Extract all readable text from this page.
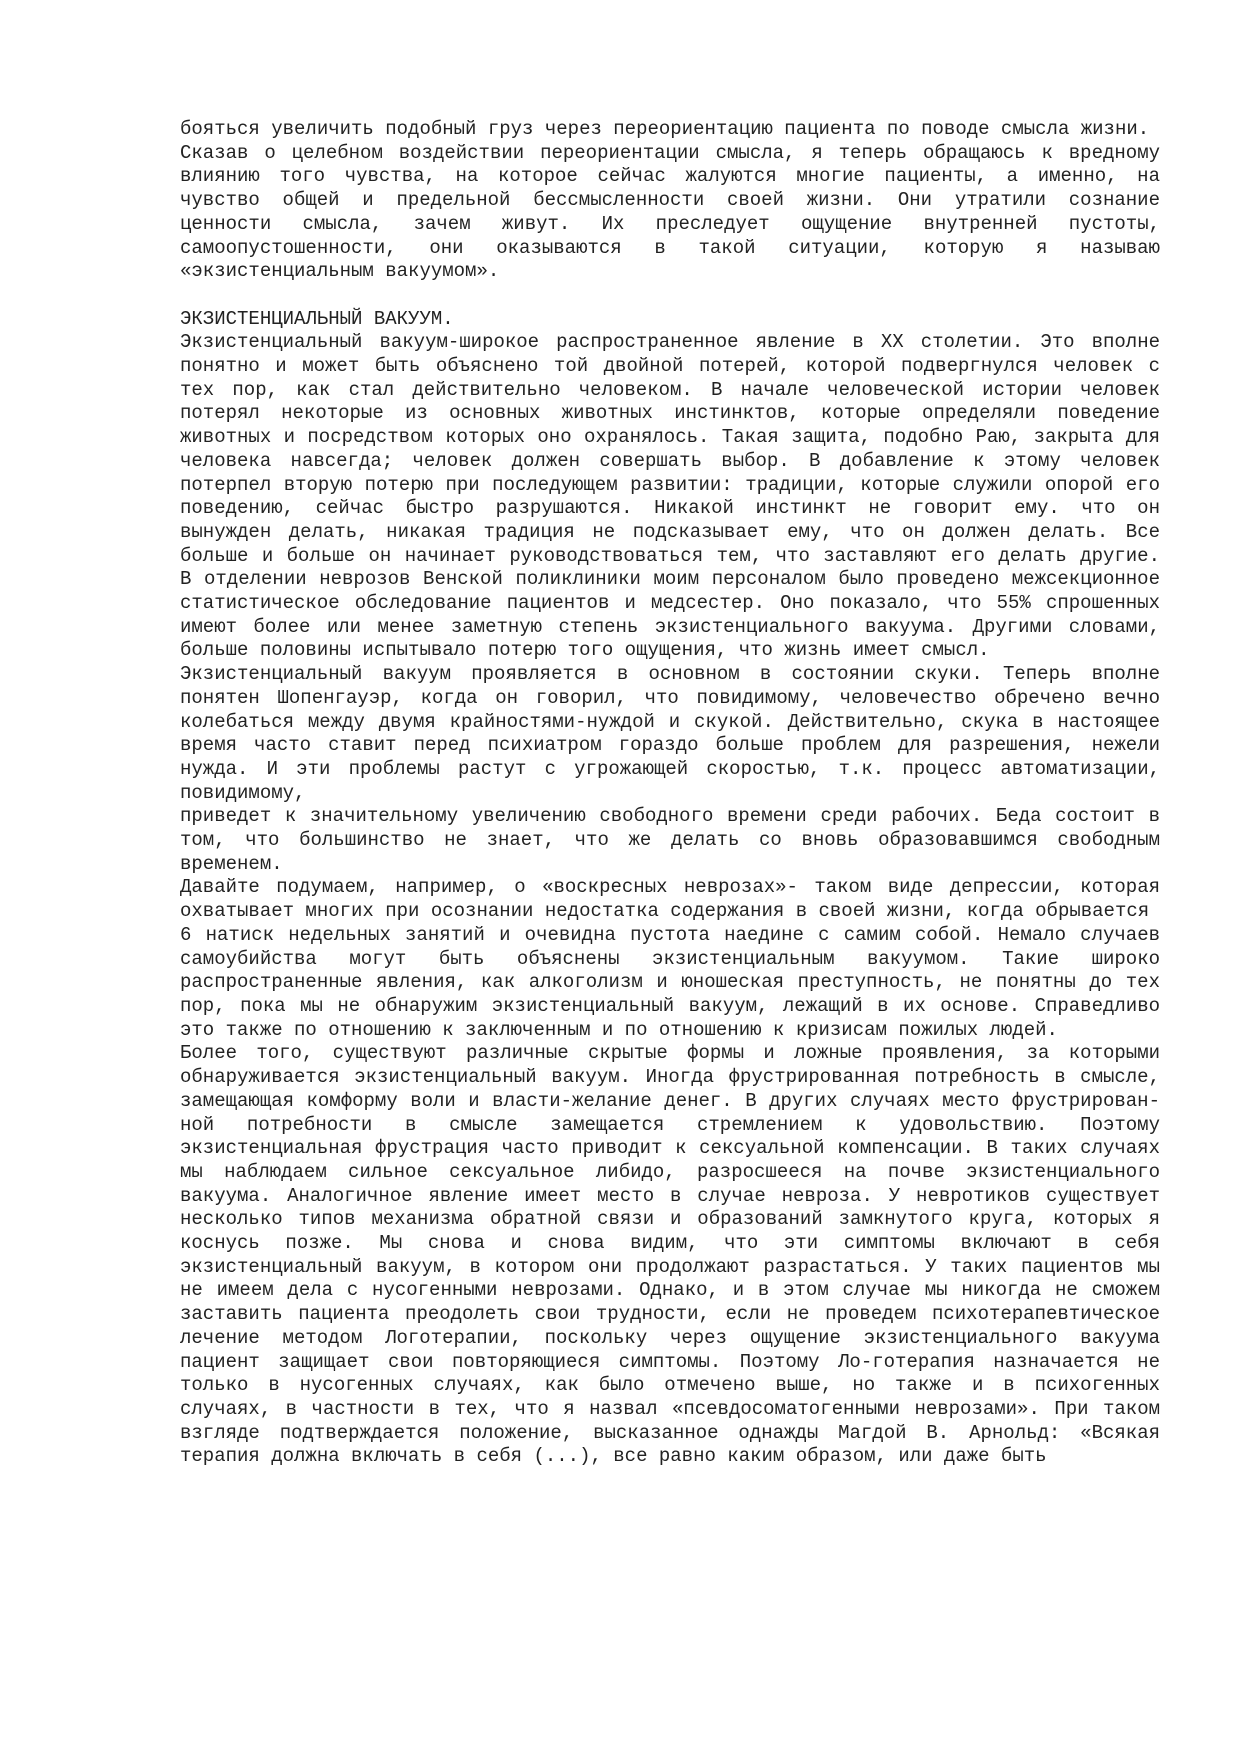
бояться увеличить подобный груз через переориентацию пациента по поводе смысла жизни.

Сказав о целебном воздействии переориентации смысла, я теперь обращаюсь к вредному влиянию того чувства, на которое сейчас жалуются многие пациенты, а именно, на чувство общей и предельной бессмысленности своей жизни. Они утратили сознание ценности смысла, зачем живут. Их преследует ощущение внутренней пустоты, самоопустошенности, они оказываются в такой ситуации, которую я называю «экзистенциальным вакуумом».

ЭКЗИСТЕНЦИАЛЬНЫЙ ВАКУУМ.

Экзистенциальный вакуум-широкое распространенное явление в XX столетии. Это вполне понятно и может быть объяснено той двойной потерей, которой подвергнулся человек с тех пор, как стал действительно человеком. В начале человеческой истории человек потерял некоторые из основных животных инстинктов, которые определяли поведение животных и посредством которых оно охранялось. Такая защита, подобно Раю, закрыта для человека навсегда; человек должен совершать выбор. В добавление к этому человек потерпел вторую потерю при последующем развитии: традиции, которые служили опорой его поведению, сейчас быстро разрушаются. Никакой инстинкт не говорит ему. что он вынужден делать, никакая традиция не подсказывает ему, что он должен делать. Все больше и больше он начинает руководствоваться тем, что заставляют его делать другие. В отделении неврозов Венской поликлиники моим персоналом было проведено межсекционное статистическое обследование пациентов и медсестер. Оно показало, что 55% спрошенных имеют более или менее заметную степень экзистенциального вакуума. Другими словами, больше половины испытывало потерю того ощущения, что жизнь имеет смысл.

Экзистенциальный вакуум проявляется в основном в состоянии скуки. Теперь вполне понятен Шопенгауэр, когда он говорил, что повидимому, человечество обречено вечно колебаться между двумя крайностями-нуждой и скукой. Действительно, скука в настоящее время часто ставит перед психиатром гораздо больше проблем для разрешения, нежели нужда. И эти проблемы растут с угрожающей скоростью, т.к. процесс автоматизации, повидимому,

приведет к значительному увеличению свободного времени среди рабочих. Беда состоит в том, что большинство не знает, что же делать со вновь образовавшимся свободным временем.

Давайте подумаем, например, о «воскресных неврозах»- таком виде депрессии, которая охватывает многих при осознании недостатка содержания в своей жизни, когда обрывается

6 натиск недельных занятий и очевидна пустота наедине с самим собой. Немало случаев самоубийства могут быть объяснены экзистенциальным вакуумом. Такие широко распространенные явления, как алкоголизм и юношеская преступность, не понятны до тех пор, пока мы не обнаружим экзистенциальный вакуум, лежащий в их основе. Справедливо это также по отношению к заключенным и по отношению к кризисам пожилых людей.

Более того, существуют различные скрытые формы и ложные проявления, за которыми обнаруживается экзистенциальный вакуум. Иногда фрустрированная потребность в смысле, замещающая комформу воли и власти-желание денег. В других случаях место фрустрирован-ной потребности в смысле замещается стремлением к удовольствию. Поэтому экзистенциальная фрустрация часто приводит к сексуальной компенсации. В таких случаях мы наблюдаем сильное сексуальное либидо, разросшееся на почве экзистенциального вакуума. Аналогичное явление имеет место в случае невроза. У невротиков существует несколько типов механизма обратной связи и образований замкнутого круга, которых я коснусь позже. Мы снова и снова видим, что эти симптомы включают в себя экзистенциальный вакуум, в котором они продолжают разрастаться. У таких пациентов мы не имеем дела с нусогенными неврозами. Однако, и в этом случае мы никогда не сможем заставить пациента преодолеть свои трудности, если не проведем психотерапевтическое лечение методом Логотерапии, поскольку через ощущение экзистенциального вакуума пациент защищает свои повторяющиеся симптомы. Поэтому Ло-готерапия назначается не только в нусогенных случаях, как было отмечено выше, но также и в психогенных случаях, в частности в тех, что я назвал «псевдосоматогенными неврозами». При таком взгляде подтверждается положение, высказанное однажды Магдой В. Арнольд: «Всякая терапия должна включать в себя (...), все равно каким образом, или даже быть
